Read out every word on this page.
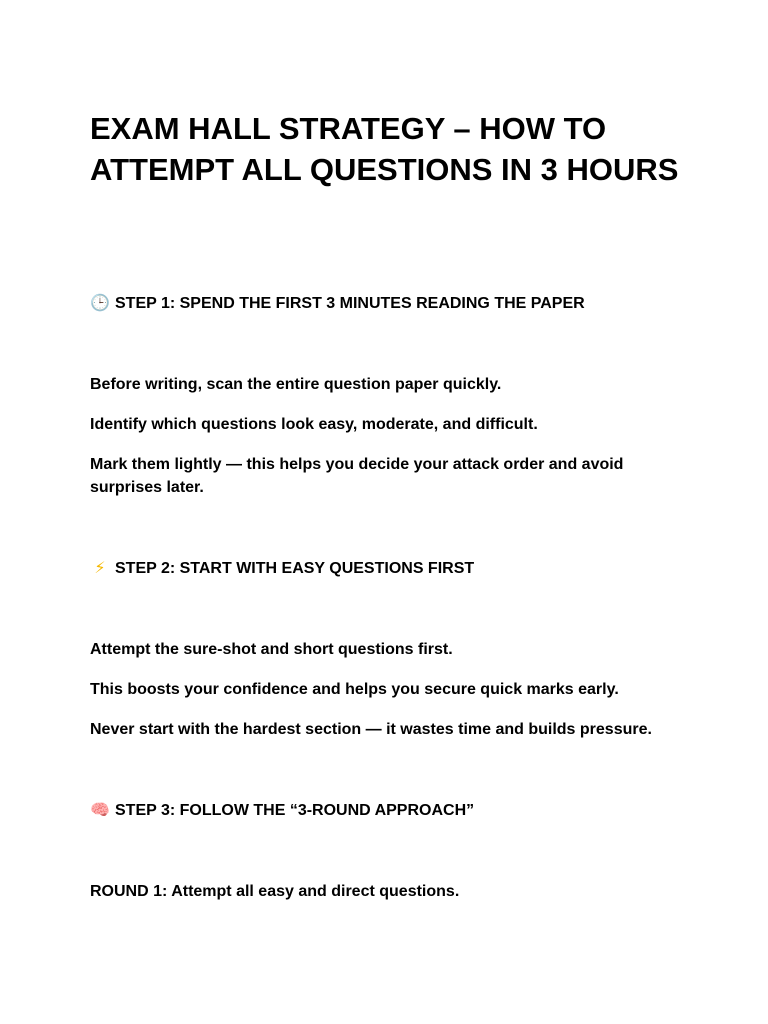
EXAM HALL STRATEGY – HOW TO ATTEMPT ALL QUESTIONS IN 3 HOURS
🕒 STEP 1: SPEND THE FIRST 3 MINUTES READING THE PAPER

Before writing, scan the entire question paper quickly.

Identify which questions look easy, moderate, and difficult.

Mark them lightly — this helps you decide your attack order and avoid surprises later.

⚡ STEP 2: START WITH EASY QUESTIONS FIRST

Attempt the sure-shot and short questions first.

This boosts your confidence and helps you secure quick marks early.

Never start with the hardest section — it wastes time and builds pressure.

🧠 STEP 3: FOLLOW THE “3-ROUND APPROACH”

ROUND 1: Attempt all easy and direct questions.
